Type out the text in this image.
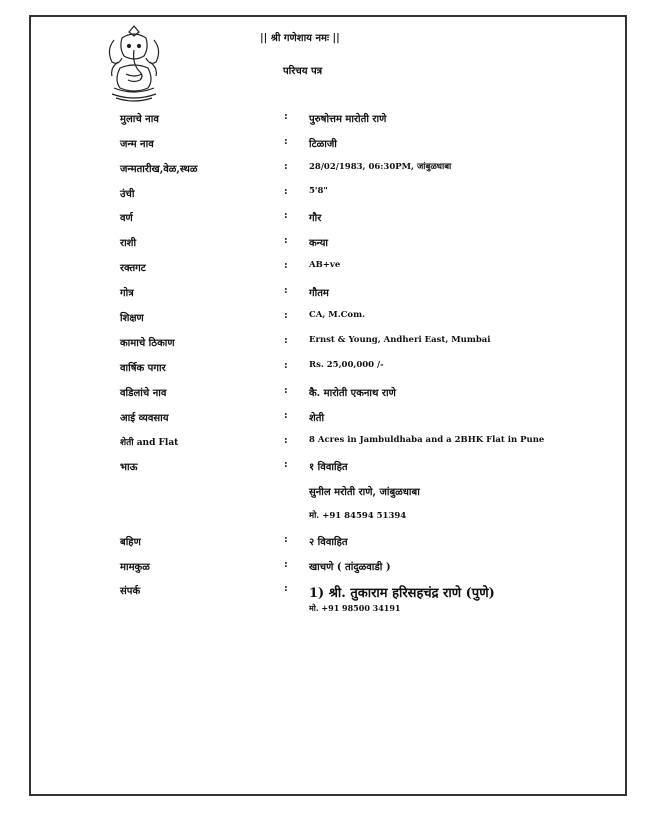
|| श्री गणेशाय नमः ||
परिचय पत्र
मुलाचे नाव	: पुरुषोत्तम मारोती राणे
जन्म नाव	: टिळाजी
जन्मतारीख,वेळ,स्थळ	:	28/02/1983, 06:30PM, जांबुळधाबा
उंची	:	5'8"
वर्ण	: गौर
राशी	: कन्या
रक्तगट	:	AB+ve
गोत्र	: गौतम
शिक्षण	:	CA, M.Com.
कामाचे ठिकाण	:	Ernst & Young, Andheri East, Mumbai
वार्षिक पगार	:	Rs. 25,00,000 /-
वडिलांचे नाव	: कै. मारोती एकनाथ राणे
आई व्यवसाय	: शेती
शेती and Flat	:	8 Acres in Jambuldhaba and a 2BHK Flat in Pune
भाऊ	: १ विवाहित
सुनील मरोती राणे, जांबुळधाबा
मो. +91 84594 51394
बहिण	: २ विवाहित
मामकुळ	: खाचणे ( तांदुळवाडी )
संपर्क	: 1) श्री. तुकाराम हरिसहचंद्र राणे (पुणे)
मो. +91 98500 34191
